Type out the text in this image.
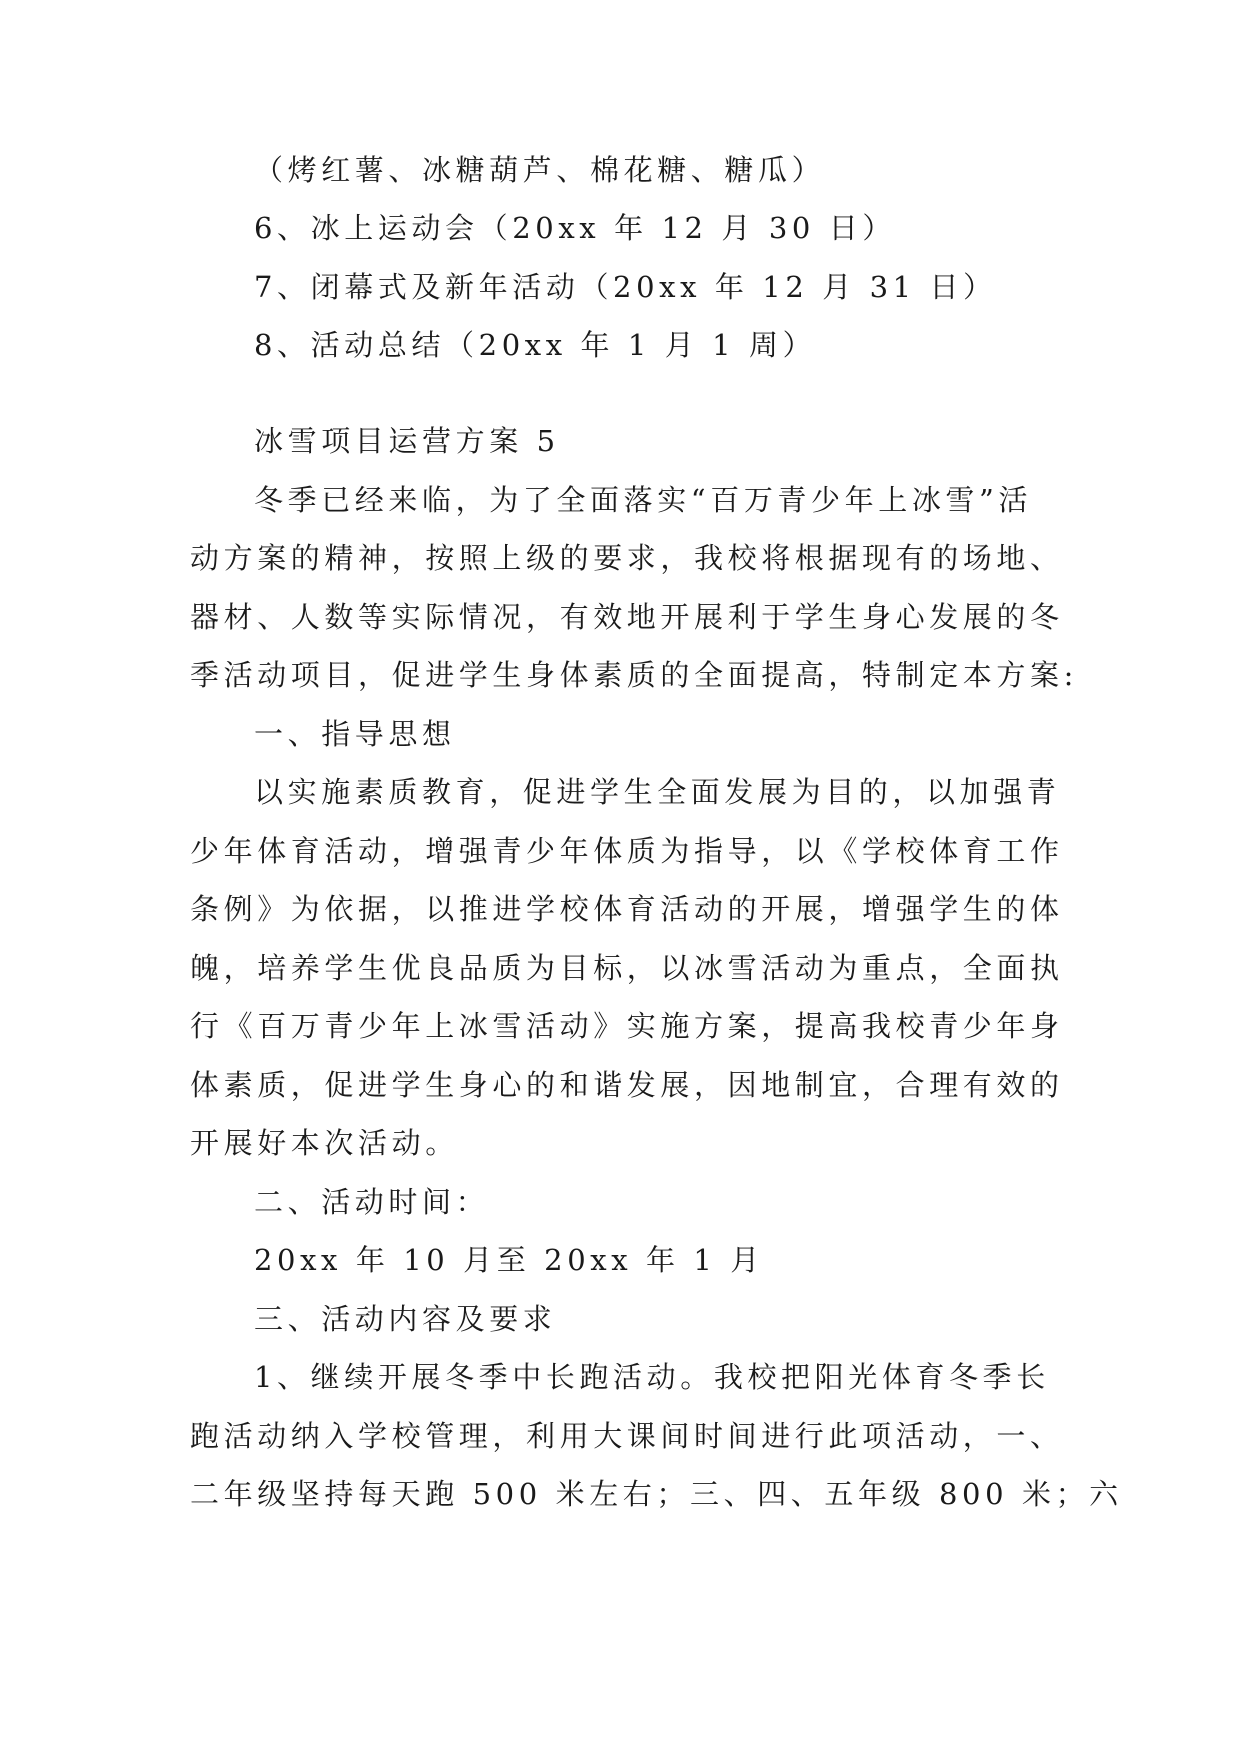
（烤红薯、冰糖葫芦、棉花糖、糖瓜）
6、冰上运动会（20xx 年 12 月 30 日）
7、闭幕式及新年活动（20xx 年 12 月 31 日）
8、活动总结（20xx 年 1 月 1 周）
冰雪项目运营方案 5
冬季已经来临，为了全面落实“百万青少年上冰雪”活
动方案的精神，按照上级的要求，我校将根据现有的场地、
器材、人数等实际情况，有效地开展利于学生身心发展的冬
季活动项目，促进学生身体素质的全面提高，特制定本方案:
一、指导思想
以实施素质教育，促进学生全面发展为目的，以加强青
少年体育活动，增强青少年体质为指导，以《学校体育工作
条例》为依据，以推进学校体育活动的开展，增强学生的体
魄，培养学生优良品质为目标，以冰雪活动为重点，全面执
行《百万青少年上冰雪活动》实施方案，提高我校青少年身
体素质，促进学生身心的和谐发展，因地制宜，合理有效的
开展好本次活动。
二、活动时间：
20xx 年 10 月至 20xx 年 1 月
三、活动内容及要求
1、继续开展冬季中长跑活动。我校把阳光体育冬季长
跑活动纳入学校管理，利用大课间时间进行此项活动，一、
二年级坚持每天跑 500 米左右；三、四、五年级 800 米；六
